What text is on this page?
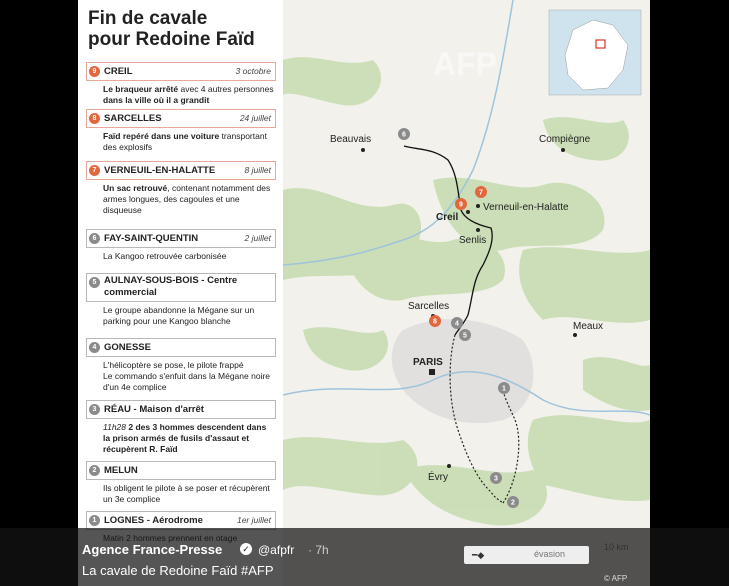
Fin de cavale
pour Redoine Faïd
9 CREIL	3 octobre
Le braqueur arrêté avec 4 autres personnes dans la ville où il a grandit
8 SARCELLES	24 juillet
Faïd repéré dans une voiture transportant des explosifs
7 VERNEUIL-EN-HALATTE	8 juillet
Un sac retrouvé, contenant notamment des armes longues, des cagoules et une disqueuse
6 FAY-SAINT-QUENTIN	2 juillet
La Kangoo retrouvée carbonisée
5 AULNAY-SOUS-BOIS - Centre commercial
Le groupe abandonne la Mégane sur un parking pour une Kangoo blanche
4 GONESSE
L'hélicoptère se pose, le pilote frappé
Le commando s'enfuit dans la Mégane noire d'un 4e complice
3 RÉAU - Maison d'arrêt
11h28 2 des 3 hommes descendent dans la prison armés de fusils d'assaut et récupèrent R. Faïd
2 MELUN
Ils obligent le pilote à se poser et récupèrent un 3e complice
1 LOGNES - Aérodrome	1er juillet
AFP
Beauvais	Compiègne
Verneuil-en-Halatte
Creil
Senlis
Sarcelles
Meaux
PARIS
Évry
6
7
9
8	4
5
1
3
2
Agence France-Presse ✓ @afpfr · 7h
La cavale de Redoine Faïd #AFP
━◆	évasion
10 km
© AFP
